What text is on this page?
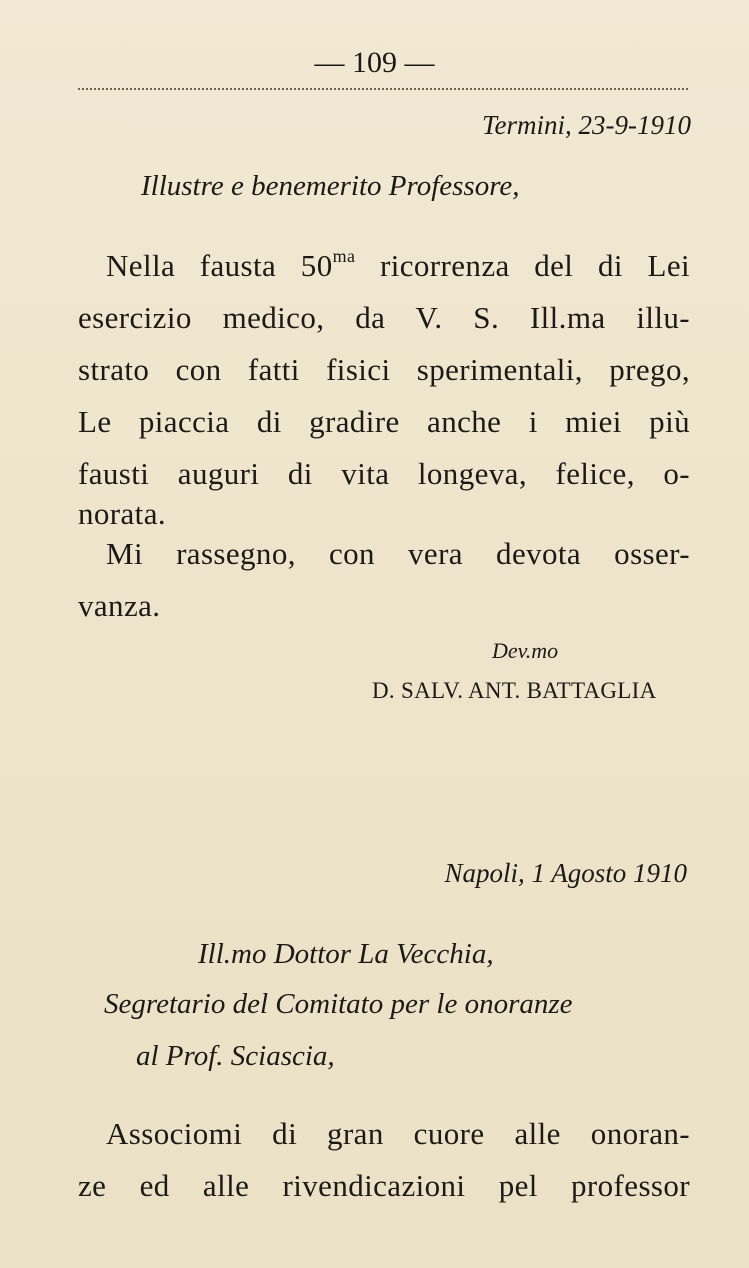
— 109 —
Termini, 23-9-1910
Illustre e benemerito Professore,
Nella fausta $50^{ma}$ ricorrenza del di Lei
esercizio medico, da V. S. Ill.ma illu-
strato con fatti fisici sperimentali, prego,
Le piaccia di gradire anche i miei più
fausti auguri di vita longeva, felice, o-
norata.
Mi rassegno, con vera devota osser-
vanza.
Dev.mo
D. SALV. ANT. BATTAGLIA
Napoli, 1 Agosto 1910
Ill.mo Dottor La Vecchia,
Segretario del Comitato per le onoranze
al Prof. Sciascia,
Associomi di gran cuore alle onoran-
ze ed alle rivendicazioni pel professor
